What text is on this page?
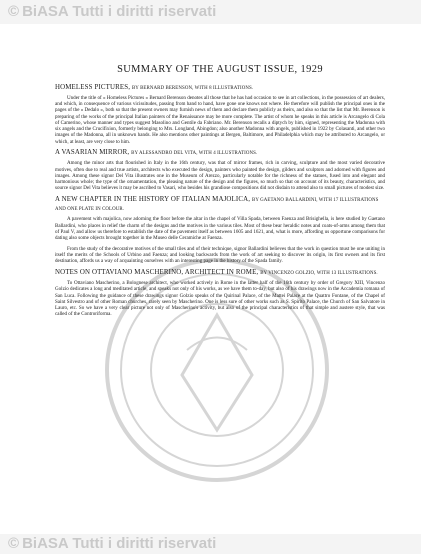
© BiASA Tutti i diritti riservati
SUMMARY OF THE AUGUST ISSUE, 1929
HOMELESS PICTURES, BY BERNARD BERENSON, WITH 8 ILLUSTRATIONS.

Under the title of « Homeless Pictures » Bernard Berenson denotes all those that he has had occasion to see in art collections, in the possession of art dealers, and which, in consequence of various vicissitudes, passing from hand to hand, have gone one knows not where. He therefore will publish the principal ones in the pages of the « Dedalo », both so that the present owners may furnish news of them and declare them publicly as theirs, and also so that the list that Mr. Berenson is preparing of the works of the principal Italian painters of the Renaissance may be more complete. The artist of whom he speaks in this article is Arcangelo di Cola of Camerino, whose manner and types suggest Masolino and Gentile da Fabriano. Mr. Berenson recalls a diptych by him, signed, representing the Madonna with six angels and the Crucifixion, formerly belonging to Mrs. Longland, Abingdon; also another Madonna with angels, published in 1922 by Colasanti, and other two images of the Madonna, all in unknown hands. He also mentions other paintings at Bergen, Baltimore, and Philadelphia which may be attributed to Arcangelo, or which, at least, are very close to him.

A VASARIAN MIRROR, BY ALESSANDRO DEL VITA, WITH 4 ILLUSTRATIONS.

Among the minor arts that flourished in Italy in the 16th century, was that of mirror frames, rich in carving, sculpture and the most varied decorative motives, often due to real and true artists, architects who executed the design, painters who painted the design, gilders and sculptors and adorned with figures and images. Among these signor Del Vita illustrates one in the Museum of Arezzo, particularly notable for the richness of the statues, fused into and elegant and harmonious whole; the type of the ornamentation, the pleasing nature of the design and the figures, so much so that on account of its beauty, characteristics, and source signor Del Vita believes it may be ascribed to Vasari, who besides his grandiose compositions did not disdain to attend also to small pictures of modest size.

A NEW CHAPTER IN THE HISTORY OF ITALIAN MAJOLICA, BY GAETANO BALLARDINI, WITH 17 ILLUSTRATIONS AND ONE PLATE IN COLOUR.

A pavement with majolica, now adorning the floor before the altar in the chapel of Villa Spada, between Faenza and Brisighella, is here studied by Gaetano Ballardini, who places in relief the charm of the designs and the motives in the various tiles. Most of these bear heraldic notes and coats-of-arms among them that of Paul V, and allow us therefore to establish the date of the pavement itself as between 1605 and 1621, and, what is more, affording us opportune comparisons for dating also some objects brought together in the Museo delle Ceramiche at Faenza.

From the study of the decorative motives of the small tiles and of their technique, signor Ballardini believes that the work in question must be one uniting in itself the merits of the Schools of Urbino and Faenza; and looking backwards from the work of art seeking to discover its origin, its first owners and its first destination, affords us a way of acquainting ourselves with an interesting page in the history of the Spada family.

NOTES ON OTTAVIANO MASCHERINO, ARCHITECT IN ROME, BY VINCENZO GOLZIO, WITH 13 ILLUSTRATIONS.

To Ottaviano Mascherino, a Bolognese architect, who worked actively in Rome in the latter half of the 16th century by order of Gregory XIII, Vincenzo Golzio dedicates a long and meditated article, and speaks not only of his works, as we have them to-day, but also of his drawings now in the Accademia romana of San Luca. Following the guidance of these drawings signor Golzio speaks of the Quirinal Palace, of the Mattei Palace at the Quattro Fontane, of the Chapel of Saint Silvestro and of other Roman churches, rarely seen by Mascherino. One is less sure of other works such as S. Spirito Palace, the Church of San Salvatore in Lauro, etc. So we have a very clear picture not only of Mascherino's activity, but also of the principal characteristics of that simple and austere style, that was called of the Controriforma.

© BiASA Tutti i diritti riservati
